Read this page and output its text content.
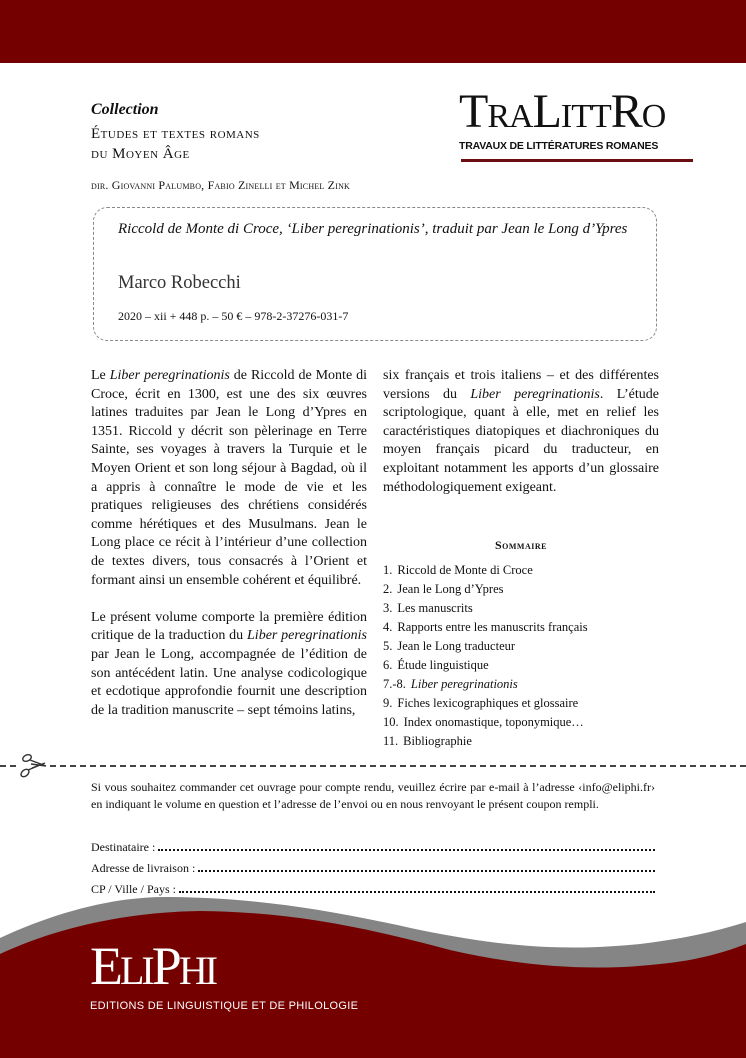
Collection
Études et textes romans
du Moyen Âge
dir. Giovanni Palumbo, Fabio Zinelli et Michel Zink
TRALITTRO
TRAVAUX DE LITTÉRATURES ROMANES
Riccold de Monte di Croce, ‘Liber peregrinationis’, traduit par Jean le Long d’Ypres
Marco Robecchi
2020 – xii + 448 p. – 50 € – 978-2-37276-031-7

Le Liber peregrinationis de Riccold de Monte di Croce, écrit en 1300, est une des six œuvres latines traduites par Jean le Long d’Ypres en 1351. Riccold y décrit son pèlerinage en Terre Sainte, ses voyages à travers la Turquie et le Moyen Orient et son long séjour à Bagdad, où il a appris à connaître le mode de vie et les pratiques religieuses des chrétiens considérés comme hérétiques et des Musulmans. Jean le Long place ce récit à l’intérieur d’une collection de textes divers, tous consacrés à l’Orient et formant ainsi un ensemble cohérent et équilibré.

Le présent volume comporte la première édition critique de la traduction du Liber peregrinationis par Jean le Long, accompagnée de l’édition de son antécédent latin. Une analyse codicologique et ecdotique approfondie fournit une description de la tradition manuscrite – sept témoins latins,

six français et trois italiens – et des différentes versions du Liber peregrinationis. L’étude scriptologique, quant à elle, met en relief les caractéristiques diatopiques et diachroniques du moyen français picard du traducteur, en exploitant notamment les apports d’un glossaire méthodologiquement exigeant.

Sommaire
1. Riccold de Monte di Croce
2. Jean le Long d’Ypres
3. Les manuscrits
4. Rapports entre les manuscrits français
5. Jean le Long traducteur
6. Étude linguistique
7.-8. Liber peregrinationis
9. Fiches lexicographiques et glossaire
10. Index onomastique, toponymique…
11. Bibliographie
Si vous souhaitez commander cet ouvrage pour compte rendu, veuillez écrire par e-mail à l’adresse ‹info@eliphi.fr› en indiquant le volume en question et l’adresse de l’envoi ou en nous renvoyant le présent coupon rempli.
Destinataire :
Adresse de livraison :
CP / Ville / Pays :
ELIPHI
EDITIONS DE LINGUISTIQUE ET DE PHILOLOGIE
